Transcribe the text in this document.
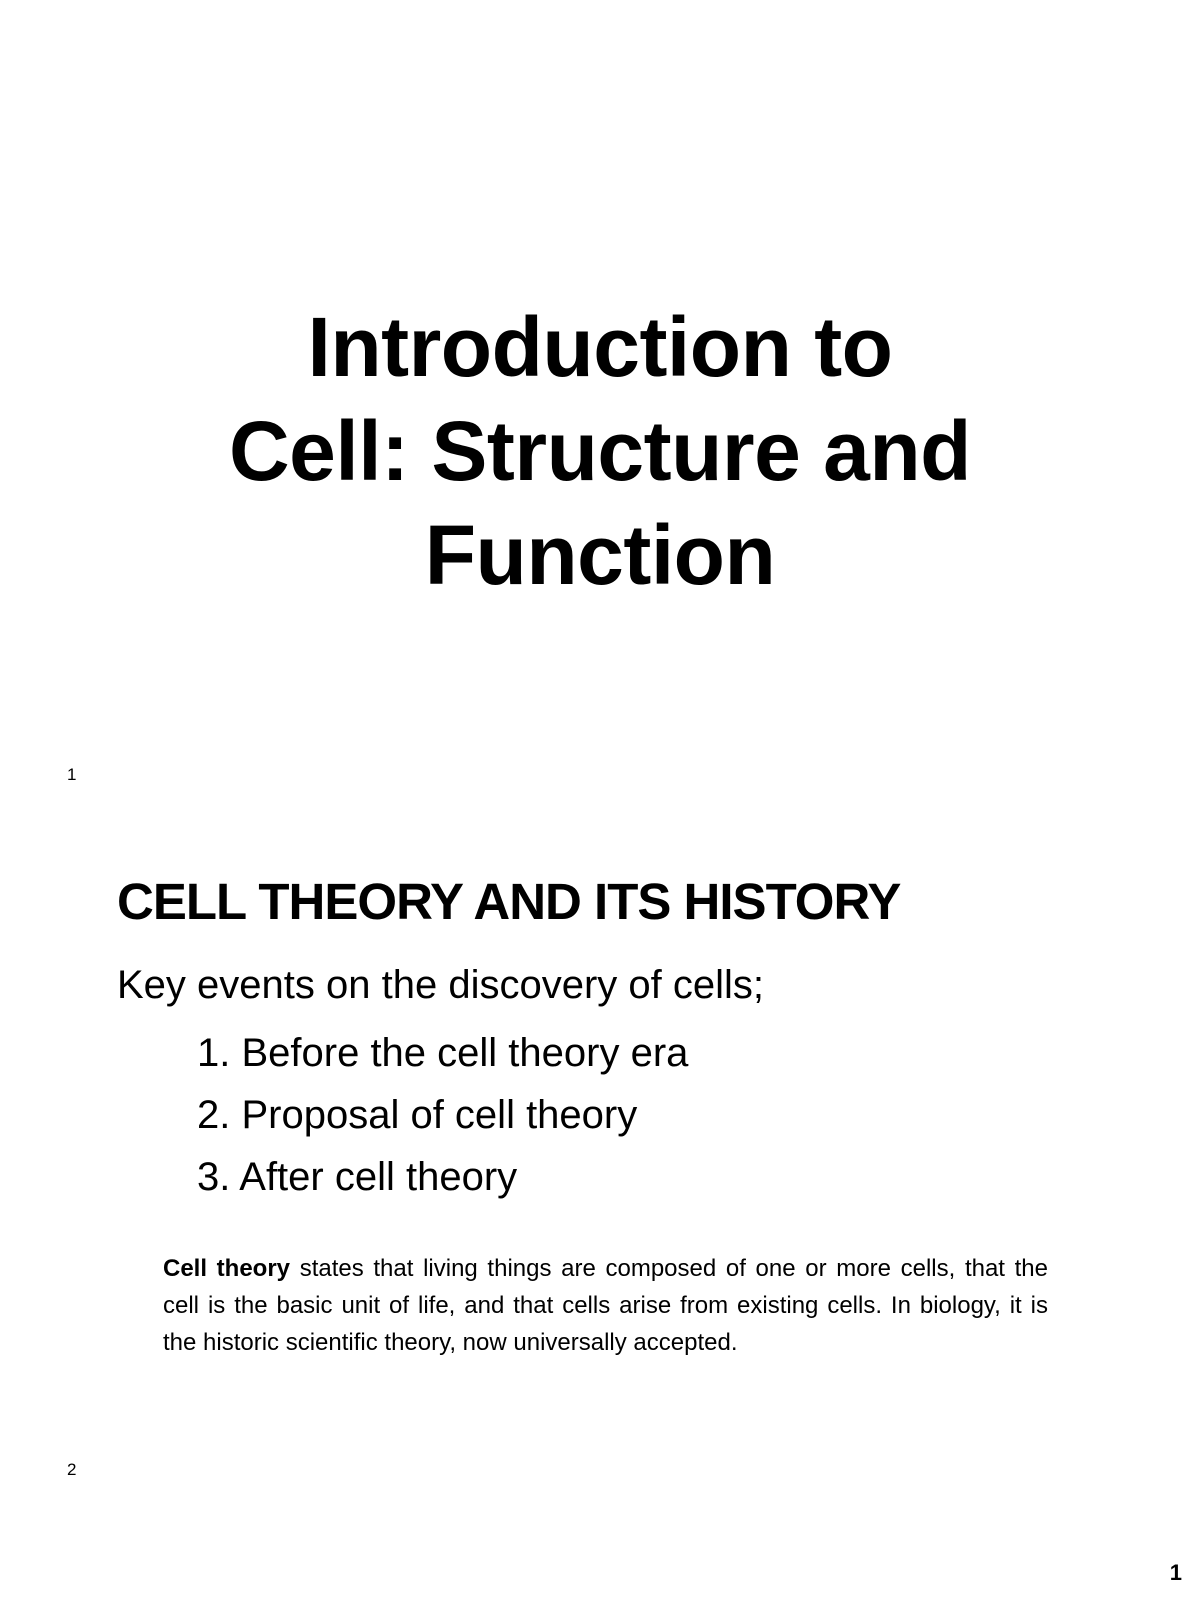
Introduction to
Cell: Structure and
Function
1
CELL THEORY AND ITS HISTORY
Key events on the discovery of cells;
1. Before the cell theory era
2. Proposal of cell theory
3. After cell theory

Cell theory states that living things are composed of one or more cells, that the cell is the basic unit of life, and that cells arise from existing cells. In biology, it is the historic scientific theory, now universally accepted.

2
1
